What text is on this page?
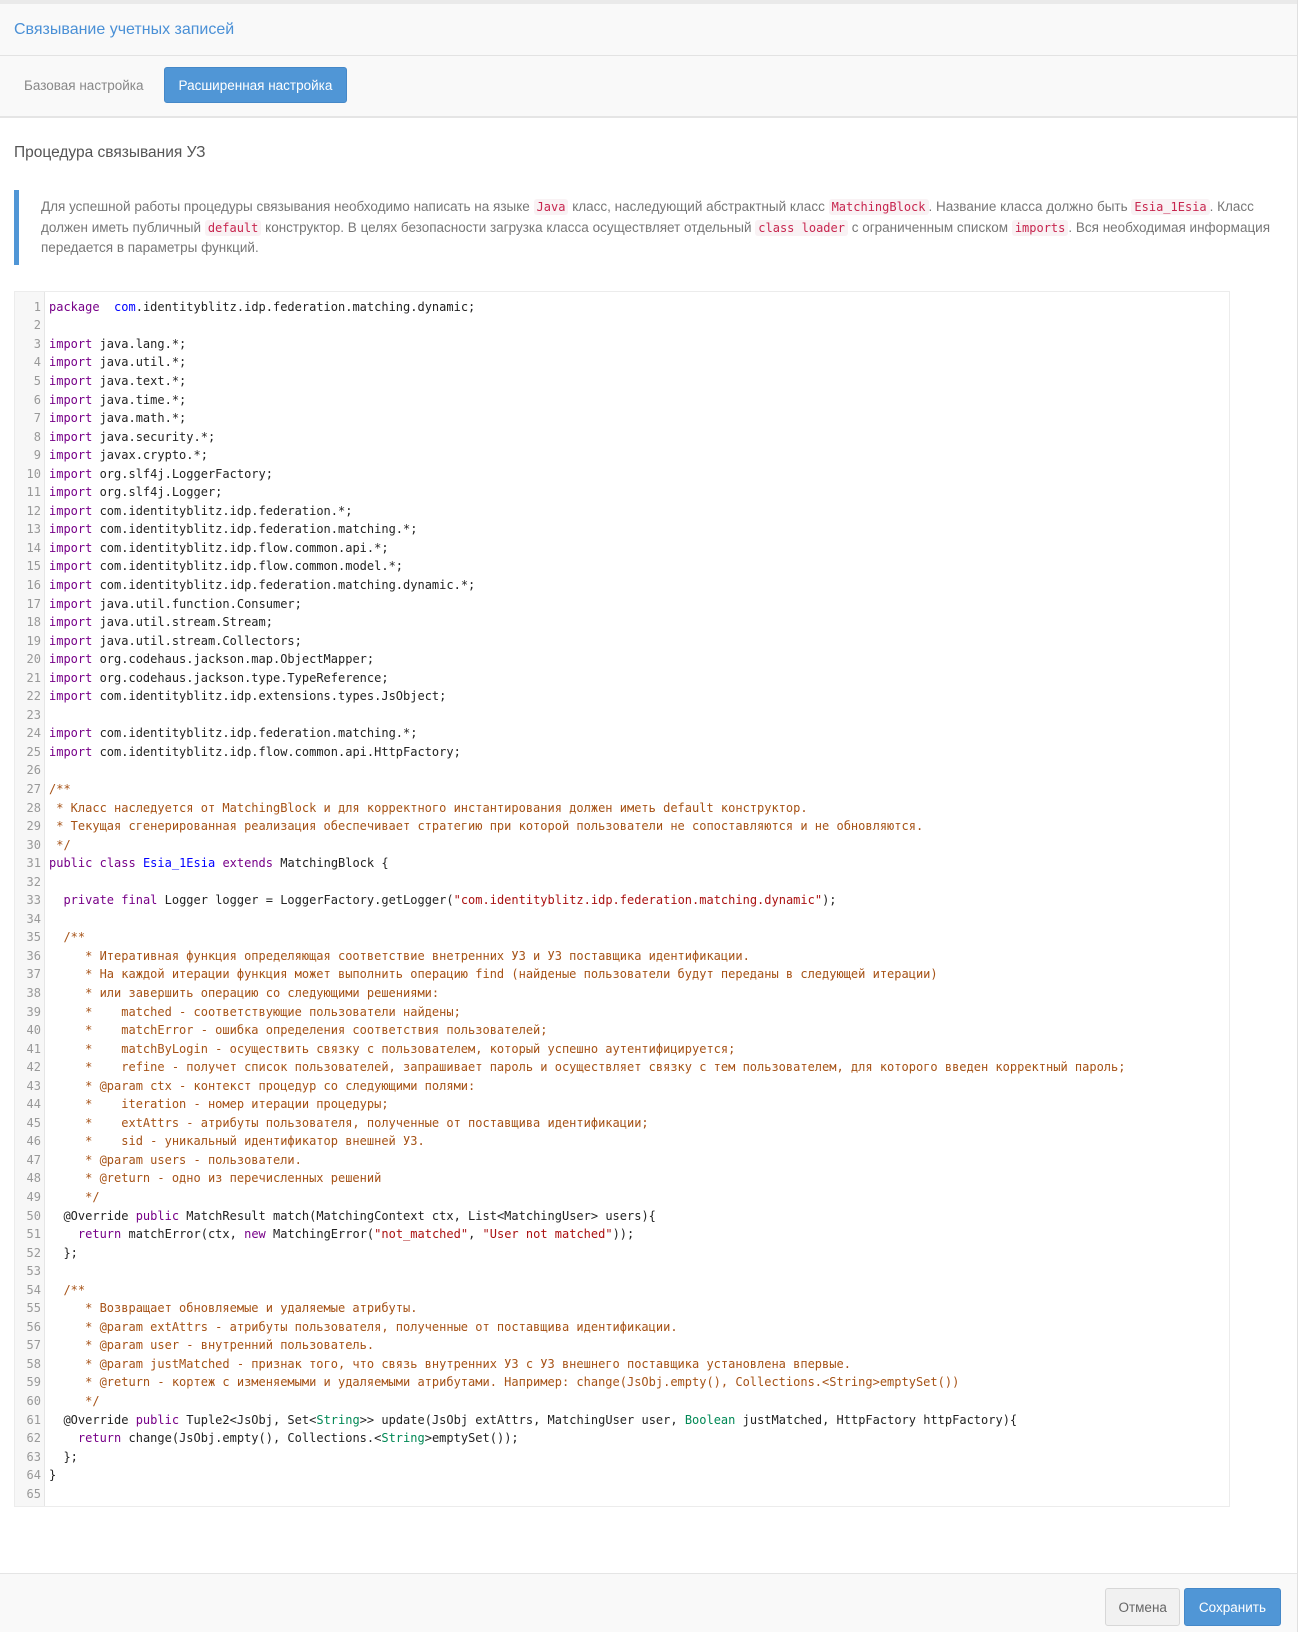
Связывание учетных записей
Базовая настройка	Расширенная настройка
Процедура связывания УЗ
Для успешной работы процедуры связывания необходимо написать на языке Java класс, наследующий абстрактный класс MatchingBlock . Название класса должно быть Esia_1Esia . Класс должен иметь публичный default конструктор. В целях безопасности загрузка класса осуществляет отдельный class loader с ограниченным списком imports . Вся необходимая информация передается в параметры функций.
1 package com.identityblitz.idp.federation.matching.dynamic;
2
3 import java.lang.*;
4 import java.util.*;
5 import java.text.*;
6 import java.time.*;
7 import java.math.*;
8 import java.security.*;
9 import javax.crypto.*;
10 import org.slf4j.LoggerFactory;
11 import org.slf4j.Logger;
12 import com.identityblitz.idp.federation.*;
13 import com.identityblitz.idp.federation.matching.*;
14 import com.identityblitz.idp.flow.common.api.*;
15 import com.identityblitz.idp.flow.common.model.*;
16 import com.identityblitz.idp.federation.matching.dynamic.*;
17 import java.util.function.Consumer;
18 import java.util.stream.Stream;
19 import java.util.stream.Collectors;
20 import org.codehaus.jackson.map.ObjectMapper;
21 import org.codehaus.jackson.type.TypeReference;
22 import com.identityblitz.idp.extensions.types.JsObject;
23
24 import com.identityblitz.idp.federation.matching.*;
25 import com.identityblitz.idp.flow.common.api.HttpFactory;
26
27 /**
28 * Класс наследуется от MatchingBlock и для корректного инстантирования должен иметь default конструктор.
29 * Текущая сгенерированная реализация обеспечивает стратегию при которой пользователи не сопоставляются и не обновляются.
30 */
31 public class Esia_1Esia extends MatchingBlock {
32
33	private final Logger logger = LoggerFactory.getLogger("com.identityblitz.idp.federation.matching.dynamic");
34
35	/**
36 * Итеративная функция определяющая соответствие внетренних УЗ и УЗ поставщика идентификации.
37 * На каждой итерации функция может выполнить операцию find (найденые пользователи будут переданы в следующей итерации)
38 * или завершить операцию со следующими решениями:
39 *    matched - соответствующие пользователи найдены;
40 *    matchError - ошибка определения соответствия пользователей;
41 *    matchByLogin - осуществить связку с пользователем, который успешно аутентифицируется;
42 *    refine - получет список пользователей, запрашивает пароль и осуществляет связку с тем пользователем, для которого введен корректный пароль;
43 * @param ctx - контекст процедур со следующими полями:
44 *    iteration - номер итерации процедуры;
45 *    extAttrs - атрибуты пользователя, полученные от поставщива идентификации;
46 *    sid - уникальный идентификатор внешней УЗ.
47 * @param users - пользователи.
48 * @return - одно из перечисленных решений
49 */
50 @Override public MatchResult match(MatchingContext ctx, List<MatchingUser> users){
51	return matchError(ctx, new MatchingError("not_matched", "User not matched"));
52 };
53
54	/**
55 * Возвращает обновляемые и удаляемые атрибуты.
56 * @param extAttrs - атрибуты пользователя, полученные от поставщива идентификации.
57 * @param user - внутренний пользователь.
58 * @param justMatched - признак того, что связь внутренних УЗ с УЗ внешнего поставщика установлена впервые.
59 * @return - кортеж с изменяемыми и удаляемыми атрибутами. Например: change(JsObj.empty(), Collections.<String>emptySet())
60 */
61 @Override public Tuple2<JsObj, Set<String>> update(JsObj extAttrs, MatchingUser user, Boolean justMatched, HttpFactory httpFactory){
62	return change(JsObj.empty(), Collections.<String>emptySet());
63 };
64 }
65
Отмена	Сохранить
